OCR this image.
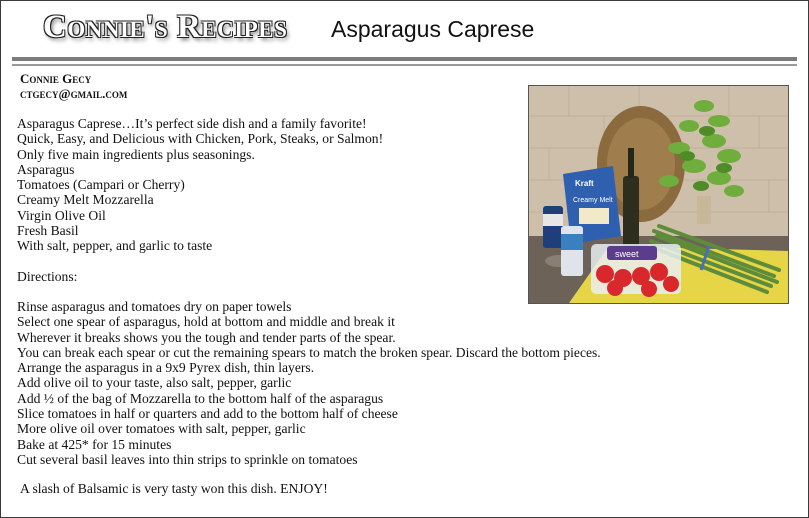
Connie's Recipes Asparagus Caprese
Connie Gecy
ctgecy@gmail.com
Asparagus Caprese…It’s perfect side dish and a family favorite!
Quick, Easy, and Delicious with Chicken, Pork, Steaks, or Salmon!
Only five main ingredients plus seasonings.
Asparagus
Tomatoes (Campari or Cherry)
Creamy Melt Mozzarella
Virgin Olive Oil
Fresh Basil
With salt, pepper, and garlic to taste
Directions:
Rinse asparagus and tomatoes dry on paper towels
Select one spear of asparagus, hold at bottom and middle and break it
Wherever it breaks shows you the tough and tender parts of the spear.
You can break each spear or cut the remaining spears to match the broken spear. Discard the bottom pieces.
Arrange the asparagus in a 9x9 Pyrex dish, thin layers.
Add olive oil to your taste, also salt, pepper, garlic
Add ½ of the bag of Mozzarella to the bottom half of the asparagus
Slice tomatoes in half or quarters and add to the bottom half of cheese
More olive oil over tomatoes with salt, pepper, garlic
Bake at 425* for 15 minutes
Cut several basil leaves into thin strips to sprinkle on tomatoes
A slash of Balsamic is very tasty won this dish. ENJOY!
Kraft
Creamy Melt
sweet
